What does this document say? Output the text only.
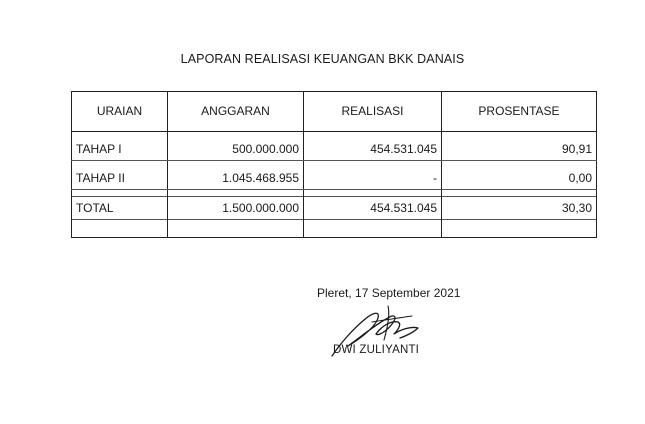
LAPORAN REALISASI KEUANGAN BKK DANAIS
URAIAN	ANGGARAN	REALISASI	PROSENTASE

TAHAP I	500.000.000	454.531.045	90,91

TAHAP II	1.045.468.955	-	0,00

TOTAL	1.500.000.000	454.531.045	30,30

Pleret, 17 September 2021
DWI ZULIYANTI
